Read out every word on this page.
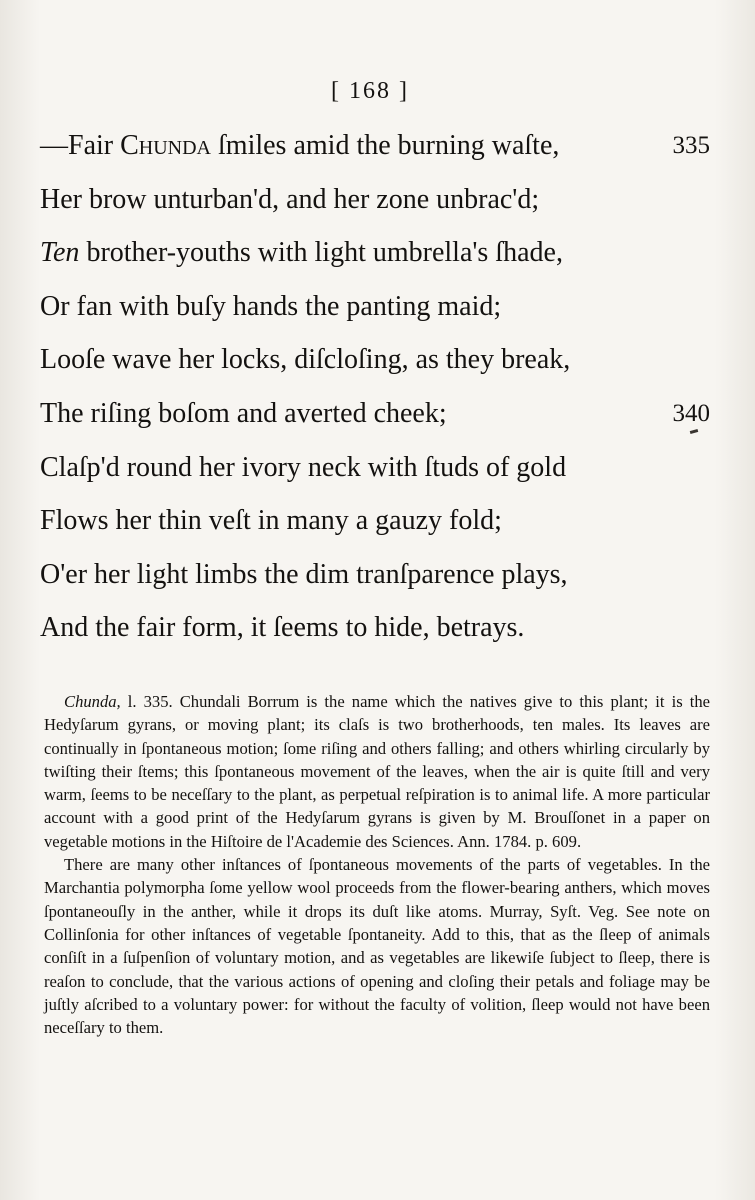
[ 168 ]
—Fair Chunda ſmiles amid the burning waſte,	335
Her brow unturban'd, and her zone unbrac'd;
Ten brother-youths with light umbrella's ſhade,
Or fan with buſy hands the panting maid;
Looſe wave her locks, diſcloſing, as they break,
The riſing boſom and averted cheek;	340
Claſp'd round her ivory neck with ſtuds of gold
Flows her thin veſt in many a gauzy fold;
O'er her light limbs the dim tranſparence plays,
And the fair form, it ſeems to hide, betrays.

Chunda, l. 335. Chundali Borrum is the name which the natives give to this plant; it is the Hedyſarum gyrans, or moving plant; its claſs is two brotherhoods, ten males. Its leaves are continually in ſpontaneous motion; ſome riſing and others falling; and others whirling circularly by twiſting their ſtems; this ſpontaneous movement of the leaves, when the air is quite ſtill and very warm, ſeems to be neceſſary to the plant, as perpetual reſpiration is to animal life. A more particular account with a good print of the Hedyſarum gyrans is given by M. Brouſſonet in a paper on vegetable motions in the Hiſtoire de l'Academie des Sciences. Ann. 1784. p. 609.

There are many other inſtances of ſpontaneous movements of the parts of vegetables. In the Marchantia polymorpha ſome yellow wool proceeds from the flower-bearing anthers, which moves ſpontaneouſly in the anther, while it drops its duſt like atoms. Murray, Syſt. Veg. See note on Collinſonia for other inſtances of vegetable ſpontaneity. Add to this, that as the ſleep of animals conſiſt in a ſuſpenſion of voluntary motion, and as vegetables are likewiſe ſubject to ſleep, there is reaſon to conclude, that the various actions of opening and cloſing their petals and foliage may be juſtly aſcribed to a voluntary power: for without the faculty of volition, ſleep would not have been neceſſary to them.
